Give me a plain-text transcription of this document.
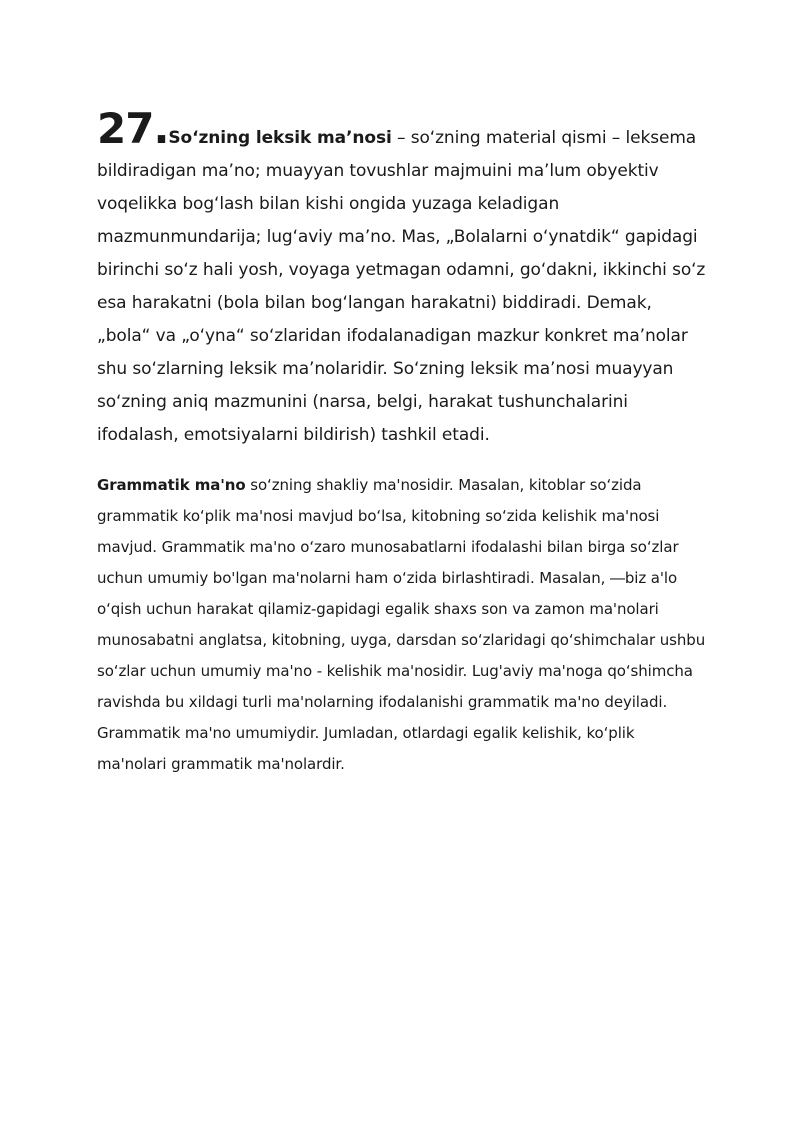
27.So‘zning leksik ma’nosi – so‘zning material qismi – leksema bildiradigan ma’no; muayyan tovushlar majmuini ma’lum obyektiv voqelikka bog‘lash bilan kishi ongida yuzaga keladigan mazmunmundarija; lug‘aviy ma’no. Mas, „Bolalarni o‘ynatdik“ gapidagi birinchi so‘z hali yosh, voyaga yetmagan odamni, go‘dakni, ikkinchi so‘z esa harakatni (bola bilan bog‘langan harakatni) biddiradi. Demak, „bola“ va „o‘yna“ so‘zlaridan ifodalanadigan mazkur konkret ma’nolar shu so‘zlarning leksik ma’nolaridir. So‘zning leksik ma’nosi muayyan so‘zning aniq mazmunini (narsa, belgi, harakat tushunchalarini ifodalash, emotsiyalarni bildirish) tashkil etadi.

Grammatik ma'no so‘zning shakliy ma'nosidir. Masalan, kitoblar so‘zida grammatik ko‘plik ma'nosi mavjud bo‘lsa, kitobning so‘zida kelishik ma'nosi mavjud. Grammatik ma'no o‘zaro munosabatlarni ifodalashi bilan birga so‘zlar uchun umumiy bo'lgan ma'nolarni ham o‘zida birlashtiradi. Masalan, ―biz a'lo o‘qish uchun harakat qilamiz-gapidagi egalik shaxs son va zamon ma'nolari munosabatni anglatsa, kitobning, uyga, darsdan so‘zlaridagi qo‘shimchalar ushbu so‘zlar uchun umumiy ma'no - kelishik ma'nosidir. Lug'aviy ma'noga qo‘shimcha ravishda bu xildagi turli ma'nolarning ifodalanishi grammatik ma'no deyiladi. Grammatik ma'no umumiydir. Jumladan, otlardagi egalik kelishik, ko‘plik ma'nolari grammatik ma'nolardir.
